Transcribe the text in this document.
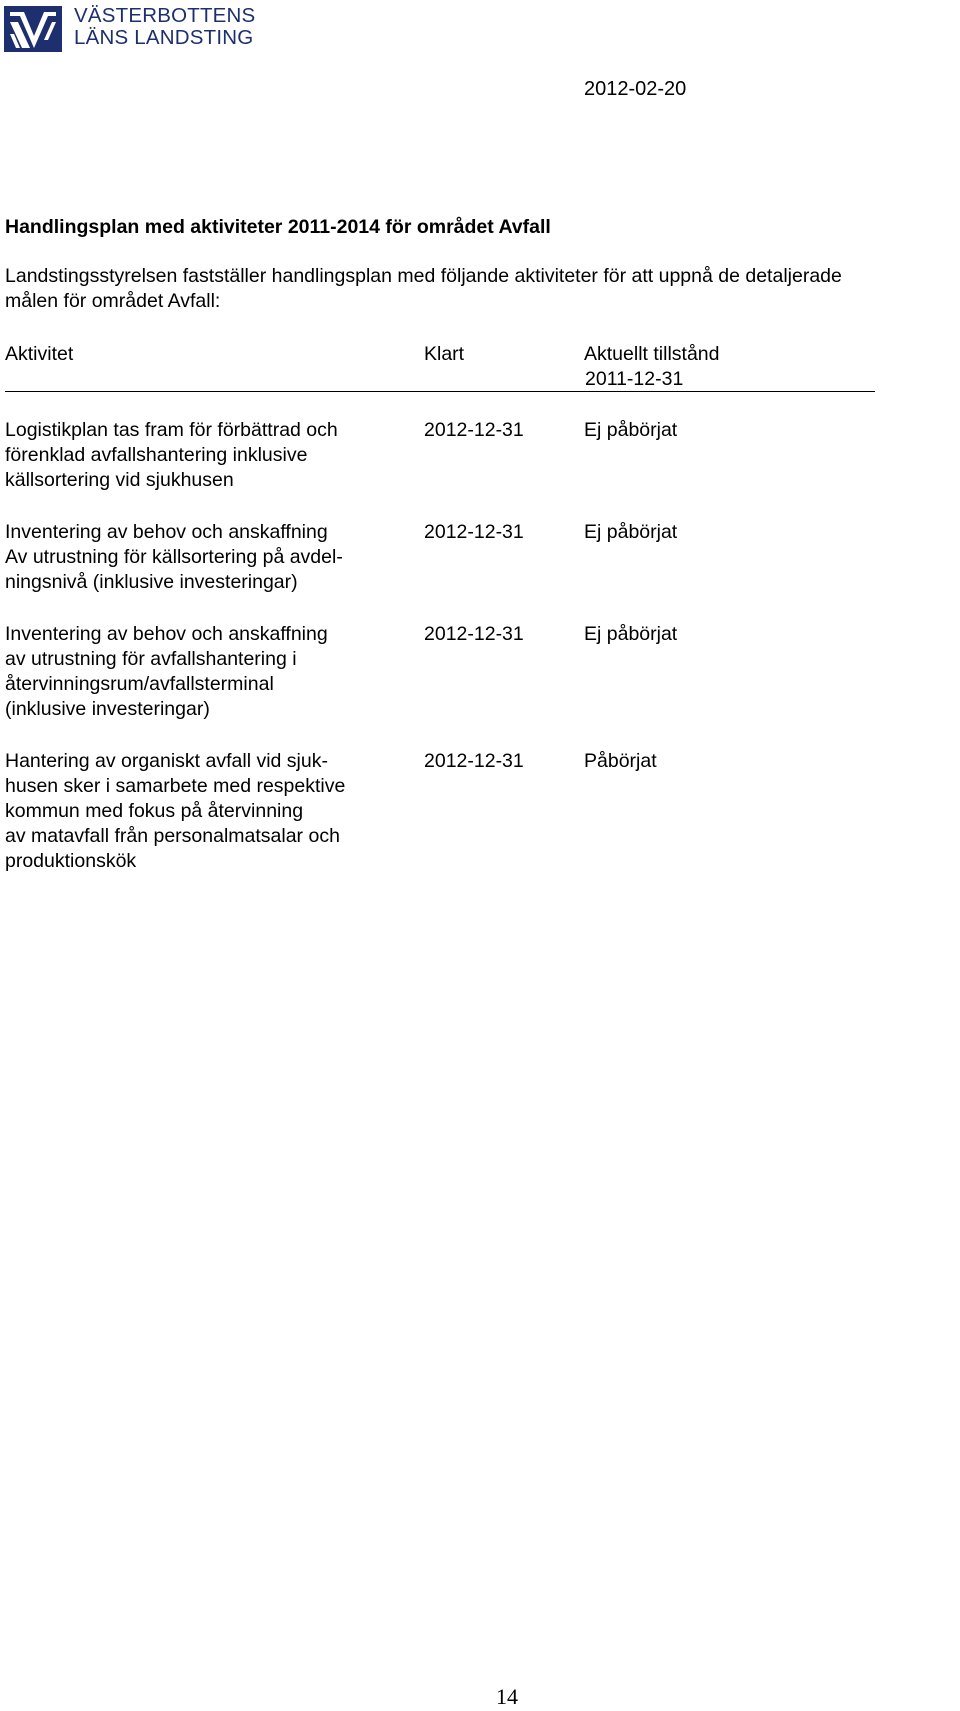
VÄSTERBOTTENS
LÄNS LANDSTING
2012-02-20
Handlingsplan med aktiviteter 2011-2014 för området Avfall
Landstingsstyrelsen fastställer handlingsplan med följande aktiviteter för att uppnå de detaljerade
målen för området Avfall:
Aktivitet	Klart	Aktuellt tillstånd
2011-12-31
Logistikplan tas fram för förbättrad och
förenklad avfallshantering inklusive
källsortering vid sjukhusen
2012-12-31	Ej påbörjat
Inventering av behov och anskaffning
Av utrustning för källsortering på avdel-
ningsnivå (inklusive investeringar)
2012-12-31	Ej påbörjat
Inventering av behov och anskaffning
av utrustning för avfallshantering i
återvinningsrum/avfallsterminal
(inklusive investeringar)
2012-12-31	Ej påbörjat
Hantering av organiskt avfall vid sjuk-
husen sker i samarbete med respektive
kommun med fokus på återvinning
av matavfall från personalmatsalar och
produktionskök
2012-12-31	Påbörjat
14
